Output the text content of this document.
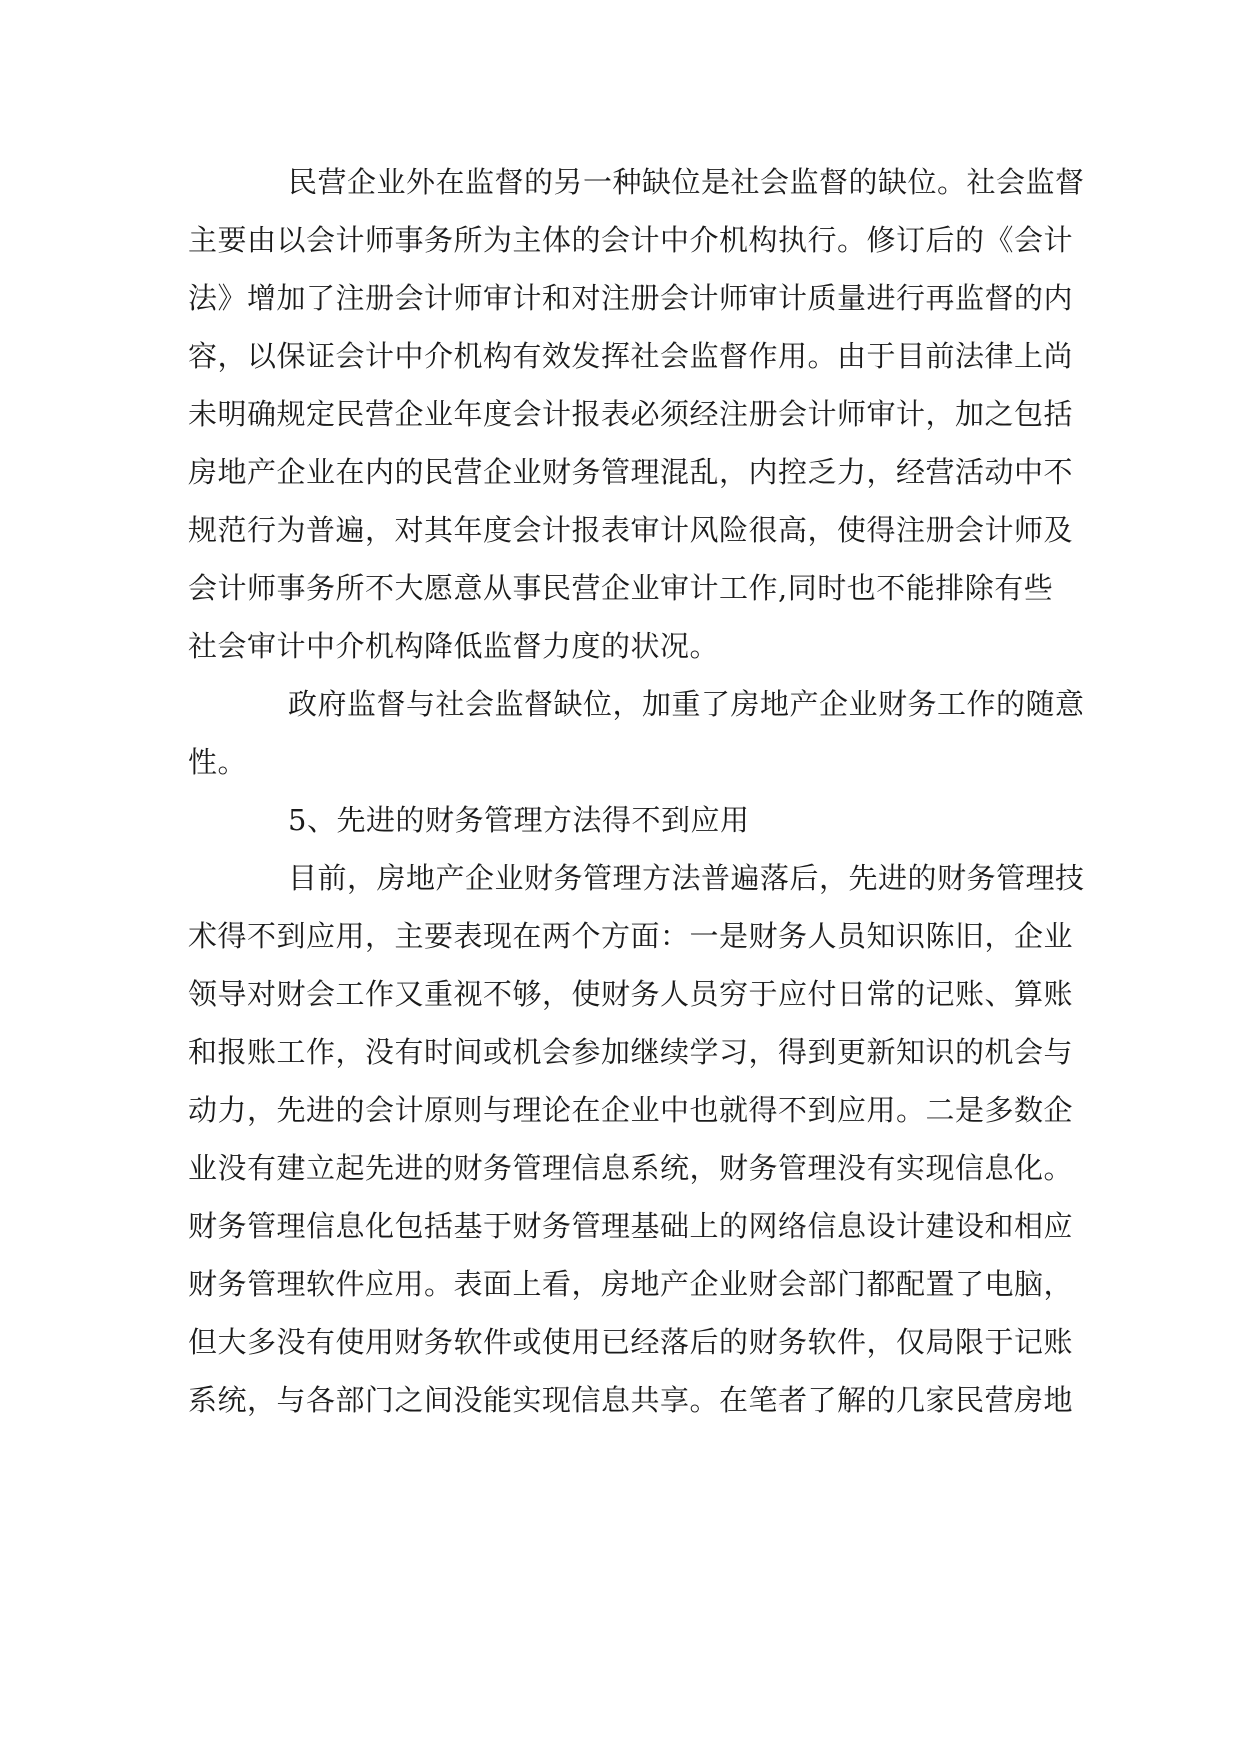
民营企业外在监督的另一种缺位是社会监督的缺位。社会监督
主要由以会计师事务所为主体的会计中介机构执行。修订后的《会计
法》增加了注册会计师审计和对注册会计师审计质量进行再监督的内
容，以保证会计中介机构有效发挥社会监督作用。由于目前法律上尚
未明确规定民营企业年度会计报表必须经注册会计师审计，加之包括
房地产企业在内的民营企业财务管理混乱，内控乏力，经营活动中不
规范行为普遍，对其年度会计报表审计风险很高，使得注册会计师及
会计师事务所不大愿意从事民营企业审计工作,同时也不能排除有些
社会审计中介机构降低监督力度的状况。
政府监督与社会监督缺位，加重了房地产企业财务工作的随意
性。
5、先进的财务管理方法得不到应用
目前，房地产企业财务管理方法普遍落后，先进的财务管理技
术得不到应用，主要表现在两个方面：一是财务人员知识陈旧，企业
领导对财会工作又重视不够，使财务人员穷于应付日常的记账、算账
和报账工作，没有时间或机会参加继续学习，得到更新知识的机会与
动力，先进的会计原则与理论在企业中也就得不到应用。二是多数企
业没有建立起先进的财务管理信息系统，财务管理没有实现信息化。
财务管理信息化包括基于财务管理基础上的网络信息设计建设和相应
财务管理软件应用。表面上看，房地产企业财会部门都配置了电脑，
但大多没有使用财务软件或使用已经落后的财务软件，仅局限于记账
系统，与各部门之间没能实现信息共享。在笔者了解的几家民营房地
